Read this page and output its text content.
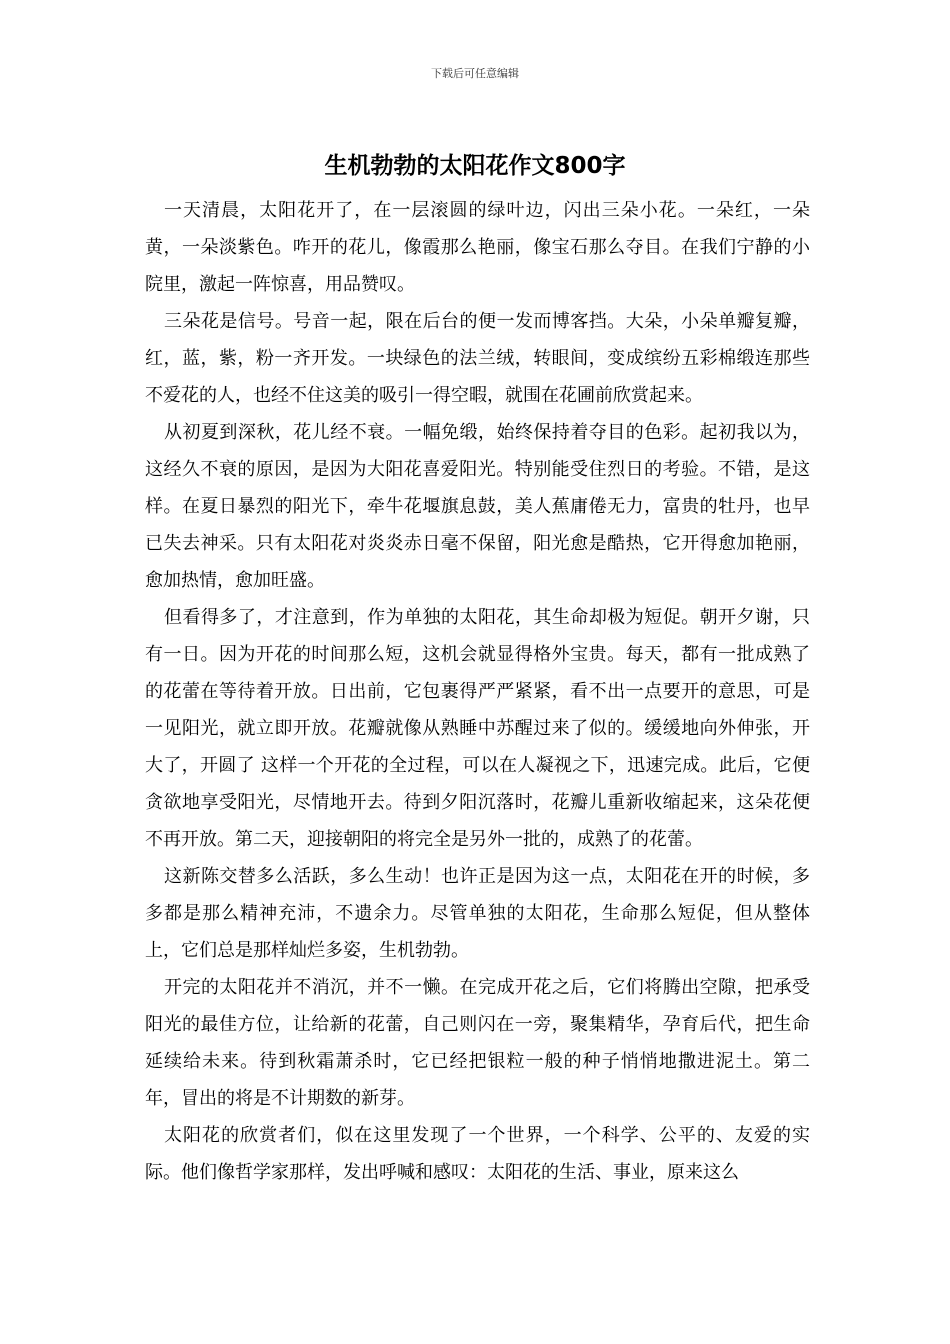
下载后可任意编辑
生机勃勃的太阳花作文800字

一天清晨，太阳花开了，在一层滚圆的绿叶边，闪出三朵小花。一朵红，一朵黄，一朵淡紫色。咋开的花儿，像霞那么艳丽，像宝石那么夺目。在我们宁静的小院里，激起一阵惊喜，用品赞叹。

三朵花是信号。号音一起，限在后台的便一发而博客挡。大朵，小朵单瓣复瓣，红，蓝，紫，粉一齐开发。一块绿色的法兰绒，转眼间，变成缤纷五彩棉缎连那些不爱花的人，也经不住这美的吸引一得空暇，就围在花圃前欣赏起来。

从初夏到深秋，花儿经不衰。一幅免缎，始终保持着夺目的色彩。起初我以为，这经久不衰的原因，是因为大阳花喜爱阳光。特别能受住烈日的考验。不错，是这样。在夏日暴烈的阳光下，牵牛花堰旗息鼓，美人蕉庸倦无力，富贵的牡丹，也早已失去神采。只有太阳花对炎炎赤日毫不保留，阳光愈是酷热，它开得愈加艳丽，愈加热情，愈加旺盛。

但看得多了，才注意到，作为单独的太阳花，其生命却极为短促。朝开夕谢，只有一日。因为开花的时间那么短，这机会就显得格外宝贵。每天，都有一批成熟了的花蕾在等待着开放。日出前，它包裹得严严紧紧，看不出一点要开的意思，可是一见阳光，就立即开放。花瓣就像从熟睡中苏醒过来了似的。缓缓地向外伸张，开大了，开圆了 这样一个开花的全过程，可以在人凝视之下，迅速完成。此后，它便贪欲地享受阳光，尽情地开去。待到夕阳沉落时，花瓣儿重新收缩起来，这朵花便不再开放。第二天，迎接朝阳的将完全是另外一批的，成熟了的花蕾。

这新陈交替多么活跃，多么生动！也许正是因为这一点，太阳花在开的时候，多多都是那么精神充沛，不遗余力。尽管单独的太阳花，生命那么短促，但从整体上，它们总是那样灿烂多姿，生机勃勃。

开完的太阳花并不消沉，并不一懒。在完成开花之后，它们将腾出空隙，把承受阳光的最佳方位，让给新的花蕾，自己则闪在一旁，聚集精华，孕育后代，把生命延续给未来。待到秋霜萧杀时，它已经把银粒一般的种子悄悄地撒进泥土。第二年，冒出的将是不计期数的新芽。

太阳花的欣赏者们，似在这里发现了一个世界，一个科学、公平的、友爱的实际。他们像哲学家那样，发出呼喊和感叹：太阳花的生活、事业，原来这么
